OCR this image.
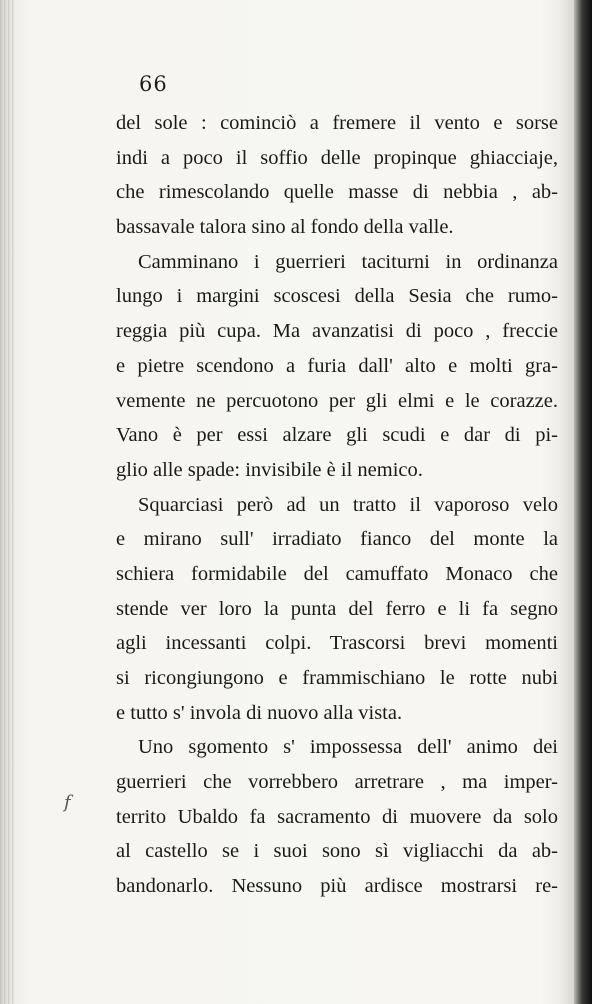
66
del sole : cominciò a fremere il vento e sorse
indi a poco il soffio delle propinque ghiacciaje,
che rimescolando quelle masse di nebbia , ab-
bassavale talora sino al fondo della valle.
Camminano i guerrieri taciturni in ordinanza
lungo i margini scoscesi della Sesia che rumo-
reggia più cupa. Ma avanzatisi di poco , freccie
e pietre scendono a furia dall' alto e molti gra-
vemente ne percuotono per gli elmi e le corazze.
Vano è per essi alzare gli scudi e dar di pi-
glio alle spade: invisibile è il nemico.
Squarciasi però ad un tratto il vaporoso velo
e mirano sull' irradiato fianco del monte la
schiera formidabile del camuffato Monaco che
stende ver loro la punta del ferro e li fa segno
agli incessanti colpi. Trascorsi brevi momenti
si ricongiungono e frammischiano le rotte nubi
e tutto s' invola di nuovo alla vista.
Uno sgomento s' impossessa dell' animo dei
guerrieri che vorrebbero arretrare , ma imper-
territo Ubaldo fa sacramento di muovere da solo
al castello se i suoi sono sì vigliacchi da ab-
bandonarlo. Nessuno più ardisce mostrarsi re-
f
